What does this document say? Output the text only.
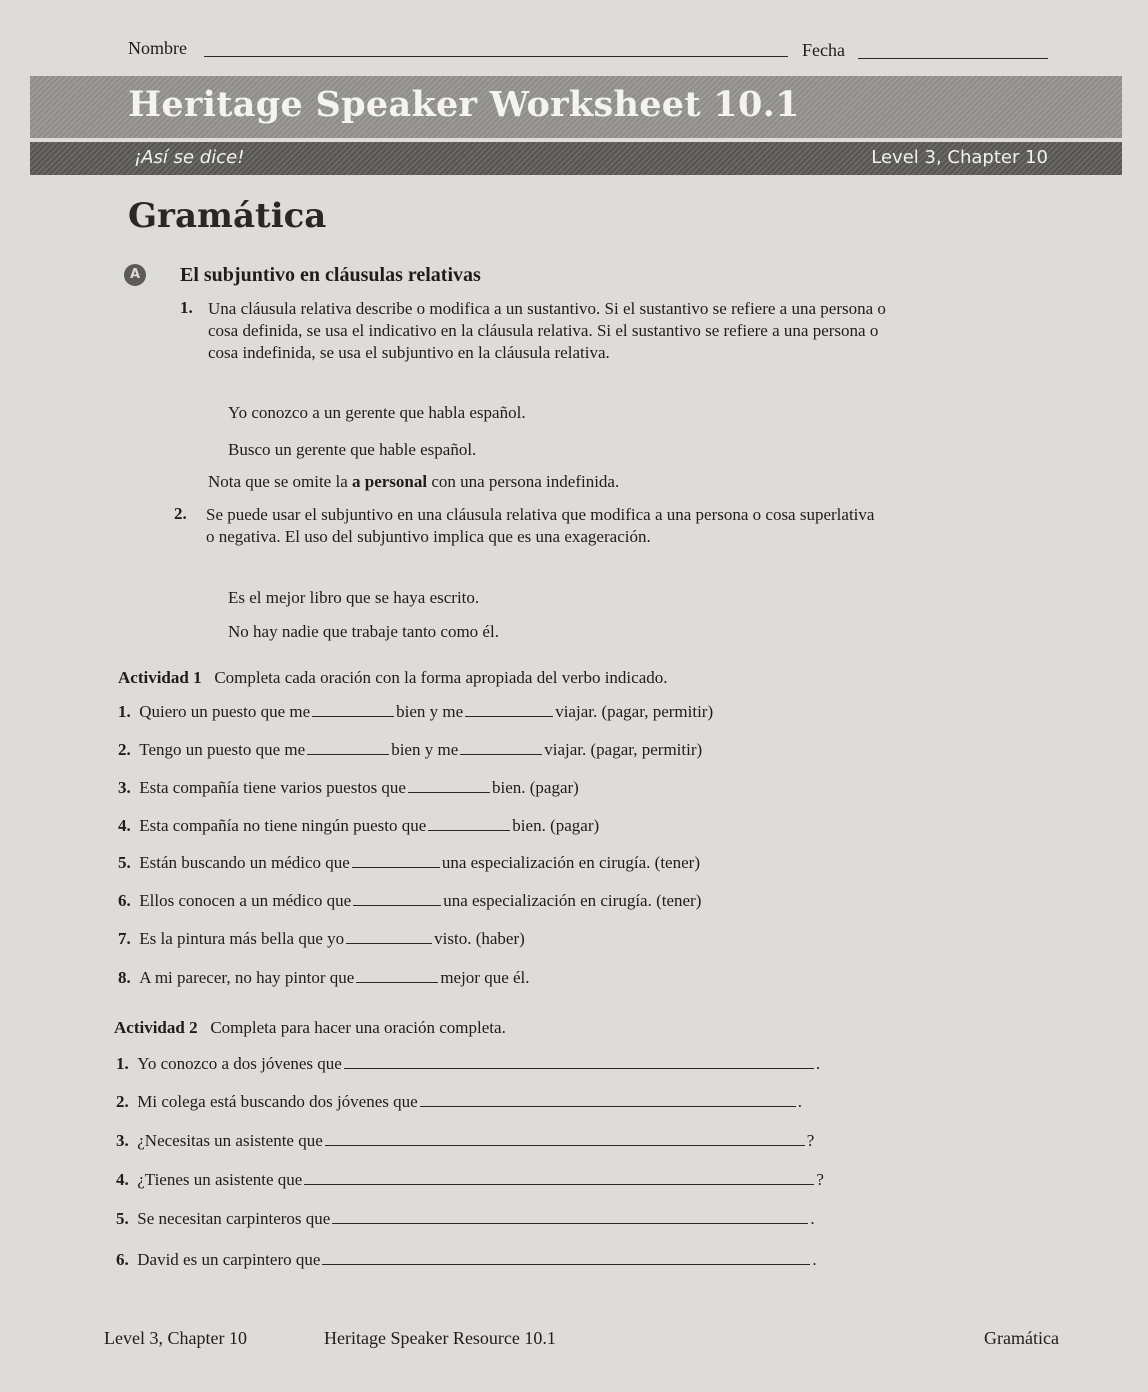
Nombre	Fecha
Heritage Speaker Worksheet 10.1
¡Así se dice!	Level 3, Chapter 10
Gramática
A El subjuntivo en cláusulas relativas
1. Una cláusula relativa describe o modifica a un sustantivo. Si el sustantivo se refiere a una persona o cosa definida, se usa el indicativo en la cláusula relativa. Si el sustantivo se refiere a una persona o cosa indefinida, se usa el subjuntivo en la cláusula relativa.
Yo conozco a un gerente que habla español.
Busco un gerente que hable español.
Nota que se omite la a personal con una persona indefinida.
2. Se puede usar el subjuntivo en una cláusula relativa que modifica a una persona o cosa superlativa o negativa. El uso del subjuntivo implica que es una exageración.
Es el mejor libro que se haya escrito.
No hay nadie que trabaje tanto como él.
Actividad 1 Completa cada oración con la forma apropiada del verbo indicado.
1. Quiero un puesto que me	bien y me	viajar. (pagar, permitir)
2. Tengo un puesto que me	bien y me	viajar. (pagar, permitir)
3. Esta compañía tiene varios puestos que	bien. (pagar)
4. Esta compañía no tiene ningún puesto que	bien. (pagar)
5. Están buscando un médico que	una especialización en cirugía. (tener)
6. Ellos conocen a un médico que	una especialización en cirugía. (tener)
7. Es la pintura más bella que yo	visto. (haber)
8. A mi parecer, no hay pintor que	mejor que él.
Actividad 2 Completa para hacer una oración completa.
1. Yo conozco a dos jóvenes que	.
2. Mi colega está buscando dos jóvenes que	.
3. ¿Necesitas un asistente que	?
4. ¿Tienes un asistente que	?
5. Se necesitan carpinteros que	.
6. David es un carpintero que	.
Level 3, Chapter 10	Heritage Speaker Resource 10.1	Gramática
